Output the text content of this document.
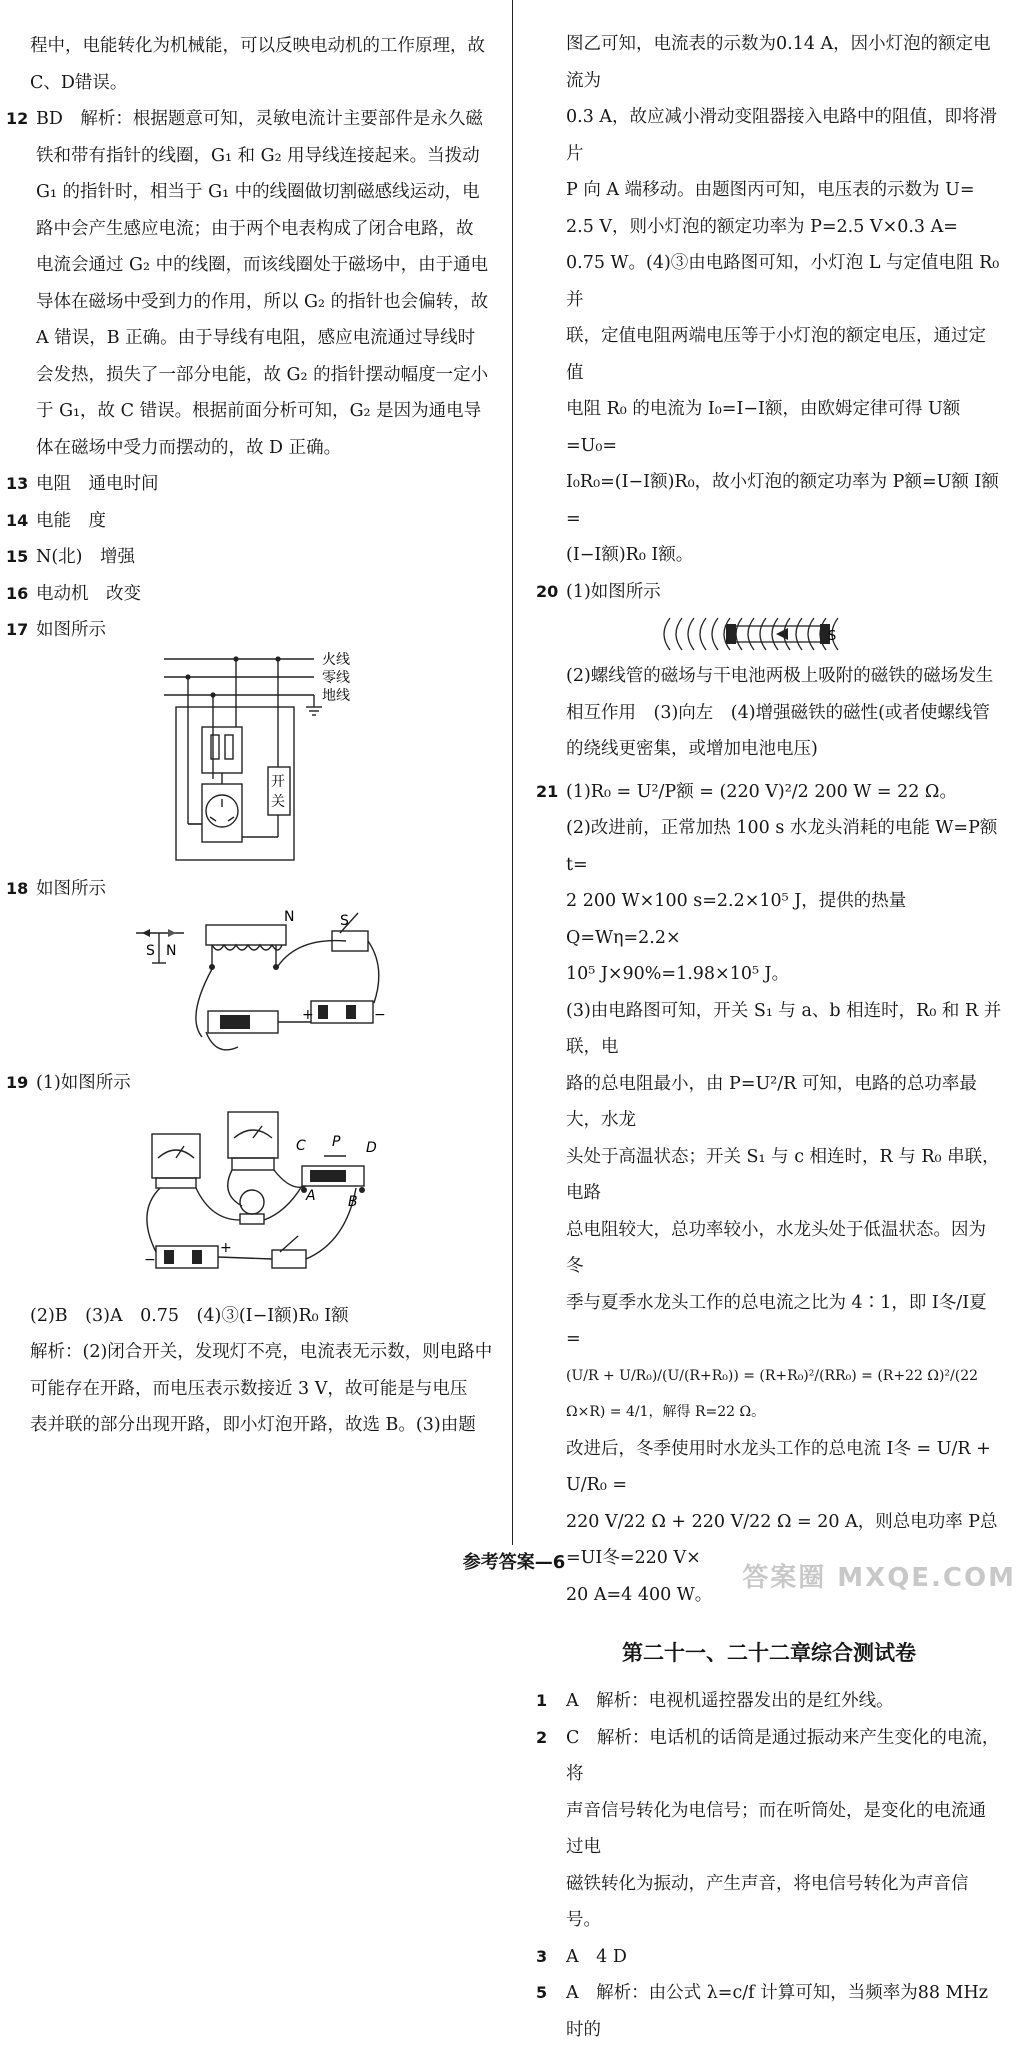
程中，电能转化为机械能，可以反映电动机的工作原理，故

C、D错误。

12 BD　解析：根据题意可知，灵敏电流计主要部件是永久磁

铁和带有指针的线圈，G₁ 和 G₂ 用导线连接起来。当拨动

G₁ 的指针时，相当于 G₁ 中的线圈做切割磁感线运动，电

路中会产生感应电流；由于两个电表构成了闭合电路，故

电流会通过 G₂ 中的线圈，而该线圈处于磁场中，由于通电

导体在磁场中受到力的作用，所以 G₂ 的指针也会偏转，故

A 错误，B 正确。由于导线有电阻，感应电流通过导线时

会发热，损失了一部分电能，故 G₂ 的指针摆动幅度一定小

于 G₁，故 C 错误。根据前面分析可知，G₂ 是因为通电导

体在磁场中受力而摆动的，故 D 正确。

13 电阻　通电时间
14 电能　度
15 N(北)　增强
16 电动机　改变
17 如图所示
火线
零线
地线
开
关
18 如图所示
N	S
S N
+	−
19 (1)如图所示
C P D
A B
−
+

(2)B　(3)A　0.75　(4)③(I−I额)R₀ I额

解析：(2)闭合开关，发现灯不亮，电流表无示数，则电路中

可能存在开路，而电压表示数接近 3 V，故可能是与电压

表并联的部分出现开路，即小灯泡开路，故选 B。(3)由题

图乙可知，电流表的示数为0.14 A，因小灯泡的额定电流为

0.3 A，故应减小滑动变阻器接入电路中的阻值，即将滑片

P 向 A 端移动。由题图丙可知，电压表的示数为 U=

2.5 V，则小灯泡的额定功率为 P=2.5 V×0.3 A=

0.75 W。(4)③由电路图可知，小灯泡 L 与定值电阻 R₀ 并

联，定值电阻两端电压等于小灯泡的额定电压，通过定值

电阻 R₀ 的电流为 I₀=I−I额，由欧姆定律可得 U额=U₀=

I₀R₀=(I−I额)R₀，故小灯泡的额定功率为 P额=U额 I额=

(I−I额)R₀ I额。

20 (1)如图所示
S

(2)螺线管的磁场与干电池两极上吸附的磁铁的磁场发生

相互作用　(3)向左　(4)增强磁铁的磁性(或者使螺线管

的绕线更密集，或增加电池电压)

21 (1)R₀ = U²/P额 = (220 V)²/2 200 W = 22 Ω。

(2)改进前，正常加热 100 s 水龙头消耗的电能 W=P额 t=

2 200 W×100 s=2.2×10⁵ J，提供的热量 Q=Wη=2.2×

10⁵ J×90%=1.98×10⁵ J。

(3)由电路图可知，开关 S₁ 与 a、b 相连时，R₀ 和 R 并联，电

路的总电阻最小，由 P=U²/R 可知，电路的总功率最大，水龙

头处于高温状态；开关 S₁ 与 c 相连时，R 与 R₀ 串联，电路

总电阻较大，总功率较小，水龙头处于低温状态。因为冬

季与夏季水龙头工作的总电流之比为 4∶1，即 I冬/I夏 =

(U/R + U/R₀)/(U/(R+R₀)) = (R+R₀)²/(RR₀) = (R+22 Ω)²/(22 Ω×R) = 4/1，解得 R=22 Ω。

改进后，冬季使用时水龙头工作的总电流 I冬 = U/R + U/R₀ =

220 V/22 Ω + 220 V/22 Ω = 20 A，则总电功率 P总=UI冬=220 V×

20 A=4 400 W。

第二十一、二十二章综合测试卷
1	A　解析：电视机遥控器发出的是红外线。
2	C　解析：电话机的话筒是通过振动来产生变化的电流，将

声音信号转化为电信号；而在听筒处，是变化的电流通过电

磁铁转化为振动，产生声音，将电信号转化为声音信号。

3	A　4 D
5	A　解析：由公式 λ=c/f 计算可知，当频率为88 MHz时的
参考答案—6
答案圈 MXQE.COM
